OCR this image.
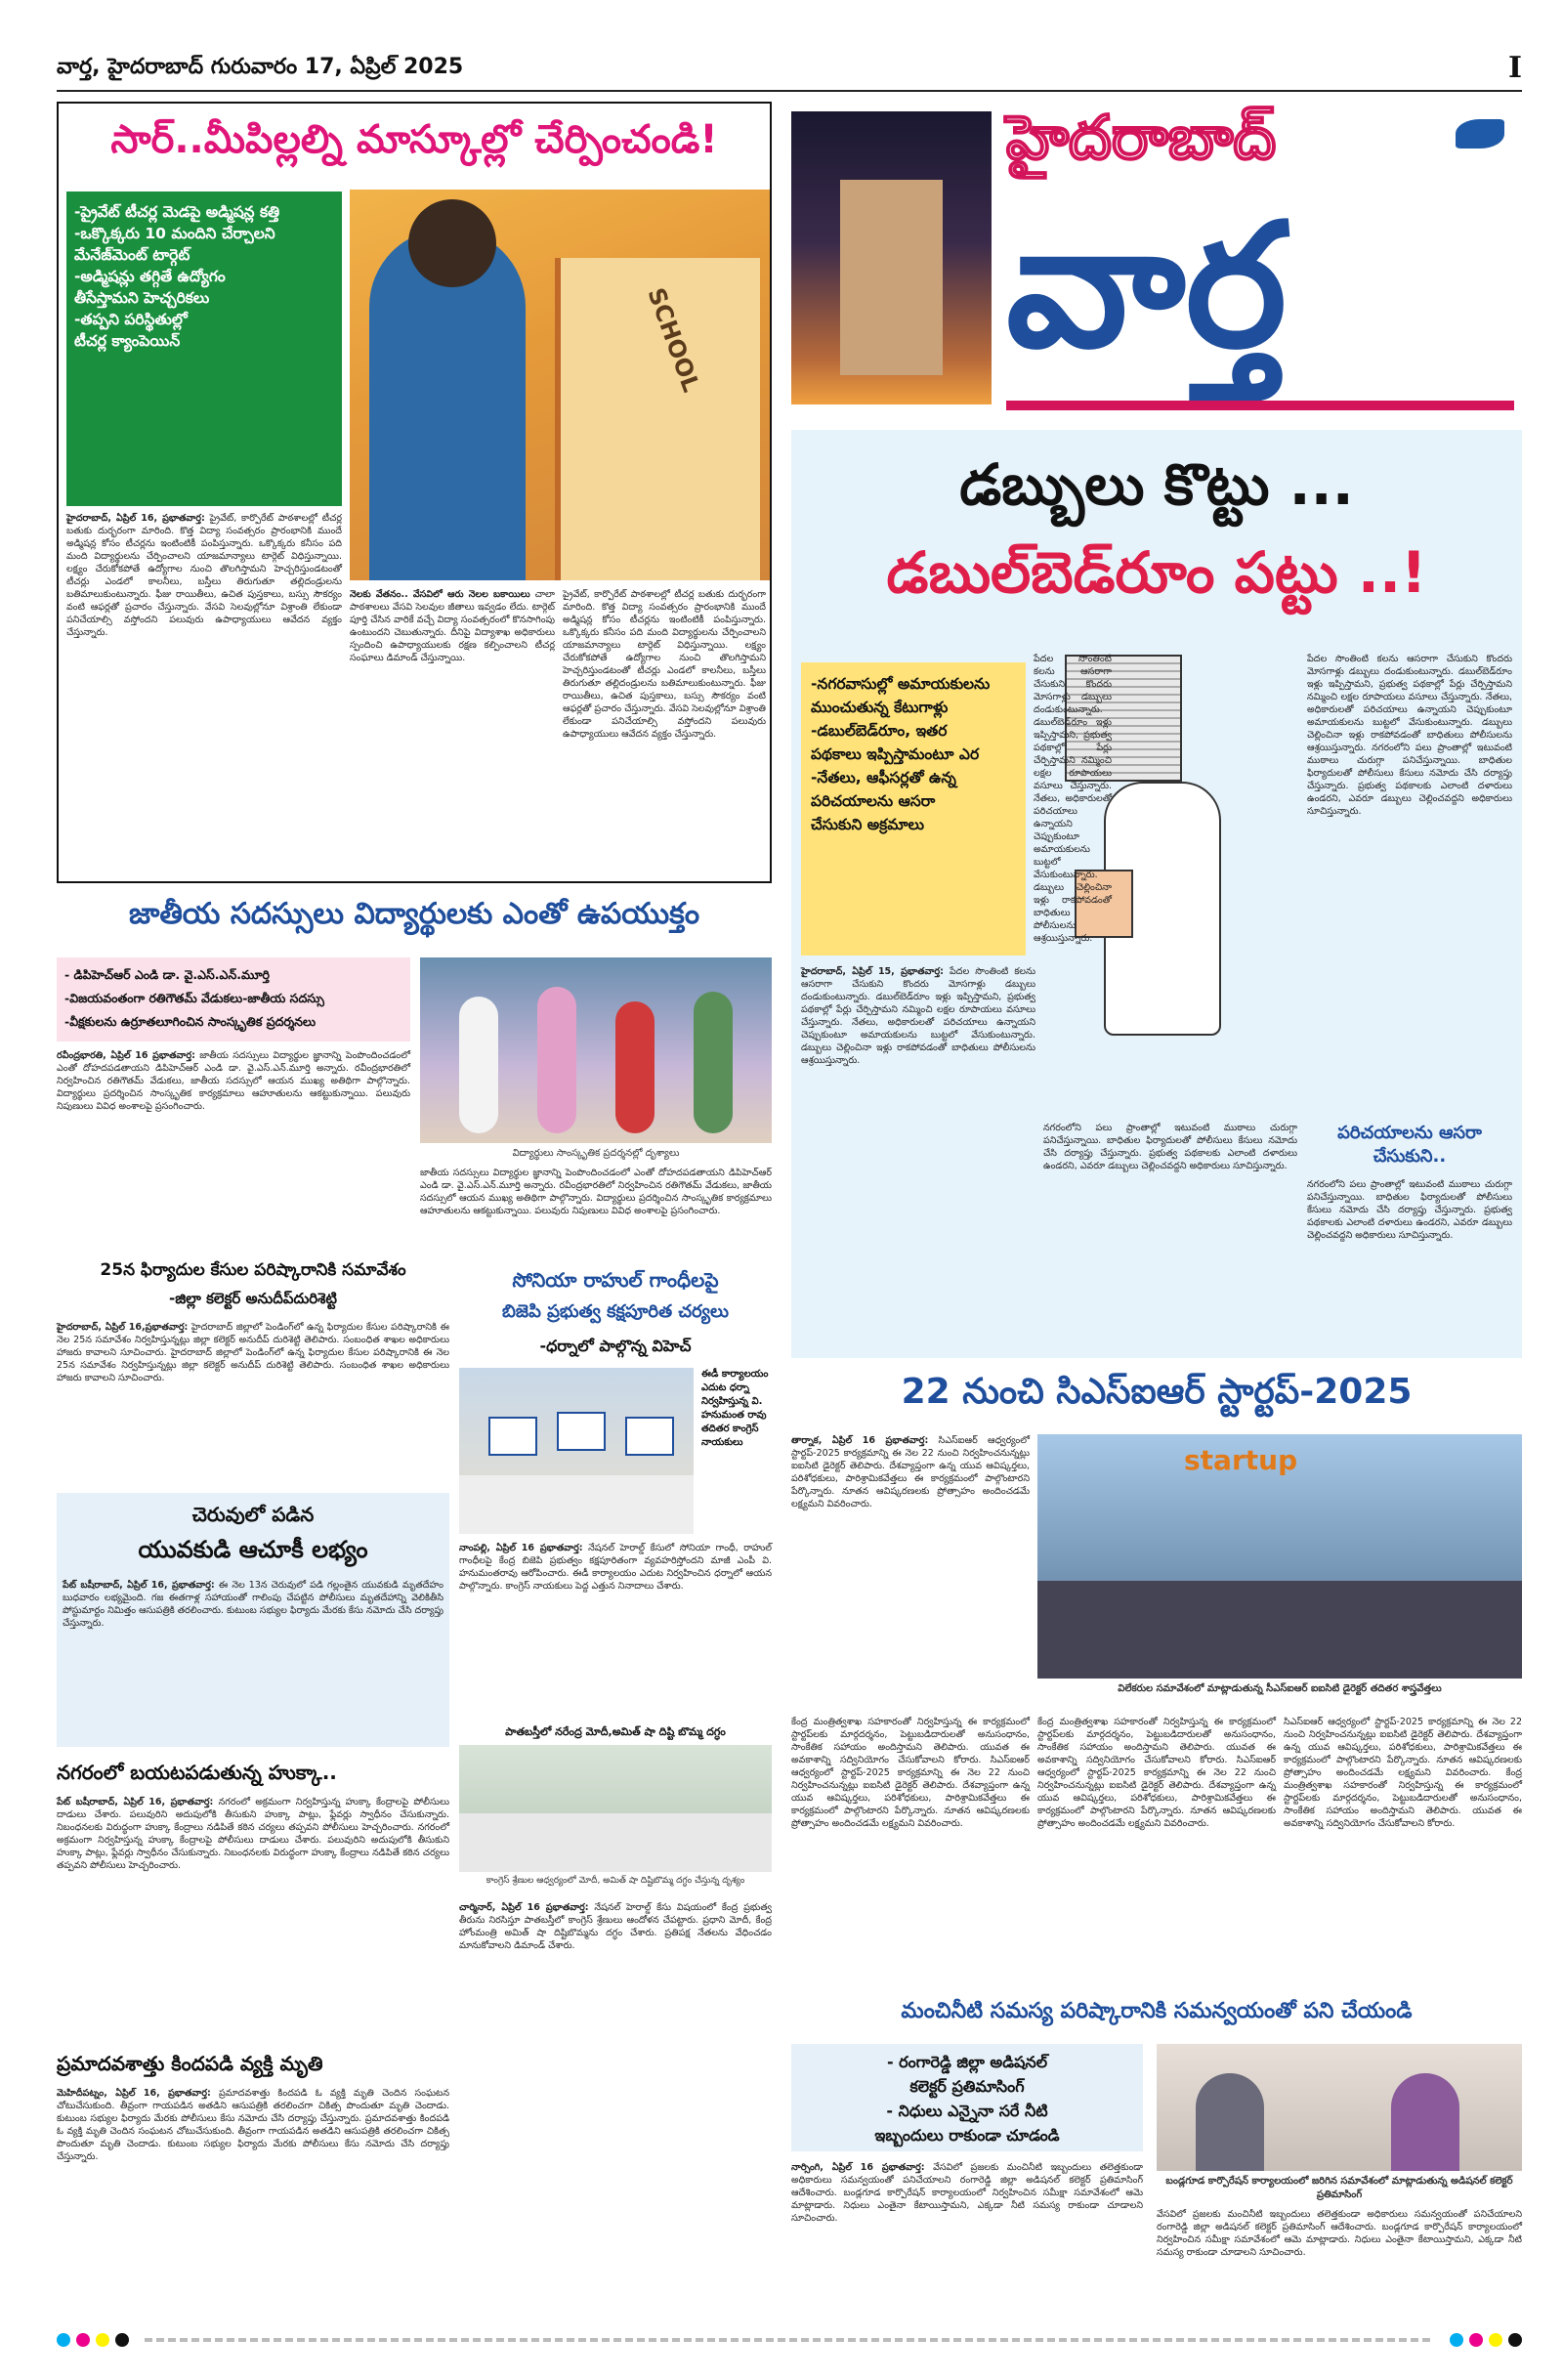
వార్త, హైదరాబాద్ గురువారం 17, ఏప్రిల్ 2025	I
సార్..మీపిల్లల్ని మాస్కూల్లో చేర్పించండి!
-ప్రైవేట్ టీచర్ల మెడపై అడ్మిషన్ల కత్తి
-ఒక్కొక్కరు 10 మందిని చేర్చాలని
మేనేజ్‌మెంట్ టార్గెట్
-అడ్మిషన్లు తగ్గితే ఉద్యోగం
తీసేస్తామని హెచ్చరికలు
-తప్పని పరిస్థితుల్లో
టీచర్ల క్యాంపెయిన్	SCHOOL
హైదరాబాద్, ఏప్రిల్ 16, ప్రభాతవార్త: ప్రైవేట్, కార్పొరేట్ పాఠశాలల్లో టీచర్ల బతుకు దుర్భరంగా మారింది. కొత్త విద్యా సంవత్సరం ప్రారంభానికి ముందే అడ్మిషన్ల కోసం టీచర్లను ఇంటింటికీ పంపిస్తున్నారు. ఒక్కొక్కరు కనీసం పది మంది విద్యార్థులను చేర్పించాలని యాజమాన్యాలు టార్గెట్ విధిస్తున్నాయి. లక్ష్యం చేరుకోకపోతే ఉద్యోగాల నుంచి తొలగిస్తామని హెచ్చరిస్తుండటంతో టీచర్లు ఎండలో కాలనీలు, బస్తీలు తిరుగుతూ తల్లిదండ్రులను బతిమాలుకుంటున్నారు. ఫీజు రాయితీలు, ఉచిత పుస్తకాలు, బస్సు సౌకర్యం వంటి ఆఫర్లతో ప్రచారం చేస్తున్నారు. వేసవి సెలవుల్లోనూ విశ్రాంతి లేకుండా పనిచేయాల్సి వస్తోందని పలువురు ఉపాధ్యాయులు ఆవేదన వ్యక్తం చేస్తున్నారు.
నెలకు వేతనం.. వేసవిలో ఆరు నెలల బకాయిలు చాలా పాఠశాలలు వేసవి సెలవుల జీతాలు ఇవ్వడం లేదు. టార్గెట్ పూర్తి చేసిన వారికే వచ్చే విద్యా సంవత్సరంలో కొనసాగింపు ఉంటుందని చెబుతున్నారు. దీనిపై విద్యాశాఖ అధికారులు స్పందించి ఉపాధ్యాయులకు రక్షణ కల్పించాలని టీచర్ల సంఘాలు డిమాండ్ చేస్తున్నాయి.
ప్రైవేట్, కార్పొరేట్ పాఠశాలల్లో టీచర్ల బతుకు దుర్భరంగా మారింది. కొత్త విద్యా సంవత్సరం ప్రారంభానికి ముందే అడ్మిషన్ల కోసం టీచర్లను ఇంటింటికీ పంపిస్తున్నారు. ఒక్కొక్కరు కనీసం పది మంది విద్యార్థులను చేర్పించాలని యాజమాన్యాలు టార్గెట్ విధిస్తున్నాయి. లక్ష్యం చేరుకోకపోతే ఉద్యోగాల నుంచి తొలగిస్తామని హెచ్చరిస్తుండటంతో టీచర్లు ఎండలో కాలనీలు, బస్తీలు తిరుగుతూ తల్లిదండ్రులను బతిమాలుకుంటున్నారు. ఫీజు రాయితీలు, ఉచిత పుస్తకాలు, బస్సు సౌకర్యం వంటి ఆఫర్లతో ప్రచారం చేస్తున్నారు. వేసవి సెలవుల్లోనూ విశ్రాంతి లేకుండా పనిచేయాల్సి వస్తోందని పలువురు ఉపాధ్యాయులు ఆవేదన వ్యక్తం చేస్తున్నారు.
హైదరాబాద్
వార్త
డబ్బులు కొట్టు ...
డబుల్‌బెడ్‌రూం పట్టు ..!
-నగరవాసుల్లో అమాయకులను
ముంచుతున్న కేటుగాళ్లు
-డబుల్‌బెడ్‌రూం, ఇతర
పథకాలు ఇప్పిస్తామంటూ ఎర
-నేతలు, ఆఫీసర్లతో ఉన్న
పరిచయాలను ఆసరా
చేసుకుని అక్రమాలు
పేదల సొంతింటి కలను ఆసరాగా చేసుకుని కొందరు మోసగాళ్లు డబ్బులు దండుకుంటున్నారు. డబుల్‌బెడ్‌రూం ఇళ్లు ఇప్పిస్తామని, ప్రభుత్వ పథకాల్లో పేర్లు చేర్పిస్తామని నమ్మించి లక్షల రూపాయలు వసూలు చేస్తున్నారు. నేతలు, అధికారులతో పరిచయాలు ఉన్నాయని చెప్పుకుంటూ అమాయకులను బుట్టలో వేసుకుంటున్నారు. డబ్బులు చెల్లించినా ఇళ్లు రాకపోవడంతో బాధితులు పోలీసులను ఆశ్రయిస్తున్నారు.
పేదల సొంతింటి కలను ఆసరాగా చేసుకుని కొందరు మోసగాళ్లు డబ్బులు దండుకుంటున్నారు. డబుల్‌బెడ్‌రూం ఇళ్లు ఇప్పిస్తామని, ప్రభుత్వ పథకాల్లో పేర్లు చేర్పిస్తామని నమ్మించి లక్షల రూపాయలు వసూలు చేస్తున్నారు. నేతలు, అధికారులతో పరిచయాలు ఉన్నాయని చెప్పుకుంటూ అమాయకులను బుట్టలో వేసుకుంటున్నారు. డబ్బులు చెల్లించినా ఇళ్లు రాకపోవడంతో బాధితులు పోలీసులను ఆశ్రయిస్తున్నారు. నగరంలోని పలు ప్రాంతాల్లో ఇటువంటి ముఠాలు చురుగ్గా పనిచేస్తున్నాయి. బాధితుల ఫిర్యాదులతో పోలీసులు కేసులు నమోదు చేసి దర్యాప్తు చేస్తున్నారు. ప్రభుత్వ పథకాలకు ఎలాంటి దళారులు ఉండరని, ఎవరూ డబ్బులు చెల్లించవద్దని అధికారులు సూచిస్తున్నారు.
హైదరాబాద్, ఏప్రిల్ 15, ప్రభాతవార్త: పేదల సొంతింటి కలను ఆసరాగా చేసుకుని కొందరు మోసగాళ్లు డబ్బులు దండుకుంటున్నారు. డబుల్‌బెడ్‌రూం ఇళ్లు ఇప్పిస్తామని, ప్రభుత్వ పథకాల్లో పేర్లు చేర్పిస్తామని నమ్మించి లక్షల రూపాయలు వసూలు చేస్తున్నారు. నేతలు, అధికారులతో పరిచయాలు ఉన్నాయని చెప్పుకుంటూ అమాయకులను బుట్టలో వేసుకుంటున్నారు. డబ్బులు చెల్లించినా ఇళ్లు రాకపోవడంతో బాధితులు పోలీసులను ఆశ్రయిస్తున్నారు.
నగరంలోని పలు ప్రాంతాల్లో ఇటువంటి ముఠాలు చురుగ్గా పనిచేస్తున్నాయి. బాధితుల ఫిర్యాదులతో పోలీసులు కేసులు నమోదు చేసి దర్యాప్తు చేస్తున్నారు. ప్రభుత్వ పథకాలకు ఎలాంటి దళారులు ఉండరని, ఎవరూ డబ్బులు చెల్లించవద్దని అధికారులు సూచిస్తున్నారు.
పరిచయాలను ఆసరా చేసుకుని..
నగరంలోని పలు ప్రాంతాల్లో ఇటువంటి ముఠాలు చురుగ్గా పనిచేస్తున్నాయి. బాధితుల ఫిర్యాదులతో పోలీసులు కేసులు నమోదు చేసి దర్యాప్తు చేస్తున్నారు. ప్రభుత్వ పథకాలకు ఎలాంటి దళారులు ఉండరని, ఎవరూ డబ్బులు చెల్లించవద్దని అధికారులు సూచిస్తున్నారు.
జాతీయ సదస్సులు విద్యార్థులకు ఎంతో ఉపయుక్తం
- డిపిహెచ్‌ఆర్ ఎండి డా. వై.ఎస్.ఎన్.మూర్తి
-విజయవంతంగా రతిగౌతమ్ వేడుకలు-జాతీయ సదస్సు
-వీక్షకులను ఉర్రూతలూగించిన సాంస్కృతిక ప్రదర్శనలు
విద్యార్థులు సాంస్కృతిక ప్రదర్శనల్లో దృశ్యాలు
రవీంద్రభారతి, ఏప్రిల్ 16 ప్రభాతవార్త: జాతీయ సదస్సులు విద్యార్థుల జ్ఞానాన్ని పెంపొందించడంలో ఎంతో దోహదపడతాయని డిపిహెచ్‌ఆర్ ఎండి డా. వై.ఎస్.ఎన్.మూర్తి అన్నారు. రవీంద్రభారతిలో నిర్వహించిన రతిగౌతమ్ వేడుకలు, జాతీయ సదస్సులో ఆయన ముఖ్య అతిథిగా పాల్గొన్నారు. విద్యార్థులు ప్రదర్శించిన సాంస్కృతిక కార్యక్రమాలు ఆహూతులను ఆకట్టుకున్నాయి. పలువురు నిపుణులు వివిధ అంశాలపై ప్రసంగించారు.
జాతీయ సదస్సులు విద్యార్థుల జ్ఞానాన్ని పెంపొందించడంలో ఎంతో దోహదపడతాయని డిపిహెచ్‌ఆర్ ఎండి డా. వై.ఎస్.ఎన్.మూర్తి అన్నారు. రవీంద్రభారతిలో నిర్వహించిన రతిగౌతమ్ వేడుకలు, జాతీయ సదస్సులో ఆయన ముఖ్య అతిథిగా పాల్గొన్నారు. విద్యార్థులు ప్రదర్శించిన సాంస్కృతిక కార్యక్రమాలు ఆహూతులను ఆకట్టుకున్నాయి. పలువురు నిపుణులు వివిధ అంశాలపై ప్రసంగించారు.
25న ఫిర్యాదుల కేసుల పరిష్కారానికి సమావేశం
-జిల్లా కలెక్టర్ అనుదీప్‌దురిశెట్టి
హైదరాబాద్, ఏప్రిల్ 16,ప్రభాతవార్త: హైదరాబాద్ జిల్లాలో పెండింగ్‌లో ఉన్న ఫిర్యాదుల కేసుల పరిష్కారానికి ఈ నెల 25న సమావేశం నిర్వహిస్తున్నట్లు జిల్లా కలెక్టర్ అనుదీప్ దురిశెట్టి తెలిపారు. సంబంధిత శాఖల అధికారులు హాజరు కావాలని సూచించారు. హైదరాబాద్ జిల్లాలో పెండింగ్‌లో ఉన్న ఫిర్యాదుల కేసుల పరిష్కారానికి ఈ నెల 25న సమావేశం నిర్వహిస్తున్నట్లు జిల్లా కలెక్టర్ అనుదీప్ దురిశెట్టి తెలిపారు. సంబంధిత శాఖల అధికారులు హాజరు కావాలని సూచించారు.
సోనియా రాహుల్ గాంధీలపై
బిజెపి ప్రభుత్వ కక్షపూరిత చర్యలు
-ధర్నాలో పాల్గొన్న విహెచ్
ఈడీ కార్యాలయం ఎదుట ధర్నా నిర్వహిస్తున్న వి. హనుమంత రావు తదితర కాంగ్రెస్ నాయకులు
నాంపల్లి, ఏప్రిల్ 16 ప్రభాతవార్త: నేషనల్ హెరాల్డ్ కేసులో సోనియా గాంధీ, రాహుల్ గాంధీలపై కేంద్ర బిజెపి ప్రభుత్వం కక్షపూరితంగా వ్యవహరిస్తోందని మాజీ ఎంపీ వి. హనుమంతరావు ఆరోపించారు. ఈడీ కార్యాలయం ఎదుట నిర్వహించిన ధర్నాలో ఆయన పాల్గొన్నారు. కాంగ్రెస్ నాయకులు పెద్ద ఎత్తున నినాదాలు చేశారు.
పాతబస్తీలో నరేంద్ర మోదీ,అమిత్ షా దిష్టి బొమ్మ దగ్ధం
కాంగ్రెస్ శ్రేణుల ఆధ్వర్యంలో మోదీ, అమిత్ షా దిష్టిబొమ్మ దగ్ధం చేస్తున్న దృశ్యం
చార్మినార్, ఏప్రిల్ 16 ప్రభాతవార్త: నేషనల్ హెరాల్డ్ కేసు విషయంలో కేంద్ర ప్రభుత్వ తీరును నిరసిస్తూ పాతబస్తీలో కాంగ్రెస్ శ్రేణులు ఆందోళన చేపట్టారు. ప్రధాని మోదీ, కేంద్ర హోంమంత్రి అమిత్ షా దిష్టిబొమ్మను దగ్ధం చేశారు. ప్రతిపక్ష నేతలను వేధించడం మానుకోవాలని డిమాండ్ చేశారు.
చెరువులో పడిన
యువకుడి ఆచూకీ లభ్యం
పేట్ బషీరాబాద్, ఏప్రిల్ 16, ప్రభాతవార్త: ఈ నెల 13న చెరువులో పడి గల్లంతైన యువకుడి మృతదేహం బుధవారం లభ్యమైంది. గజ ఈతగాళ్ల సహాయంతో గాలింపు చేపట్టిన పోలీసులు మృతదేహాన్ని వెలికితీసి పోస్టుమార్టం నిమిత్తం ఆసుపత్రికి తరలించారు. కుటుంబ సభ్యుల ఫిర్యాదు మేరకు కేసు నమోదు చేసి దర్యాప్తు చేస్తున్నారు.
నగరంలో బయటపడుతున్న హుక్కా..
పేట్ బషీరాబాద్, ఏప్రిల్ 16, ప్రభాతవార్త: నగరంలో అక్రమంగా నిర్వహిస్తున్న హుక్కా కేంద్రాలపై పోలీసులు దాడులు చేశారు. పలువురిని అదుపులోకి తీసుకుని హుక్కా పాట్లు, ఫ్లేవర్లు స్వాధీనం చేసుకున్నారు. నిబంధనలకు విరుద్ధంగా హుక్కా కేంద్రాలు నడిపితే కఠిన చర్యలు తప్పవని పోలీసులు హెచ్చరించారు. నగరంలో అక్రమంగా నిర్వహిస్తున్న హుక్కా కేంద్రాలపై పోలీసులు దాడులు చేశారు. పలువురిని అదుపులోకి తీసుకుని హుక్కా పాట్లు, ఫ్లేవర్లు స్వాధీనం చేసుకున్నారు. నిబంధనలకు విరుద్ధంగా హుక్కా కేంద్రాలు నడిపితే కఠిన చర్యలు తప్పవని పోలీసులు హెచ్చరించారు.
ప్రమాదవశాత్తు కిందపడి వ్యక్తి మృతి
మెహిదీపట్నం, ఏప్రిల్ 16, ప్రభాతవార్త: ప్రమాదవశాత్తు కిందపడి ఓ వ్యక్తి మృతి చెందిన సంఘటన చోటుచేసుకుంది. తీవ్రంగా గాయపడిన అతడిని ఆసుపత్రికి తరలించగా చికిత్స పొందుతూ మృతి చెందాడు. కుటుంబ సభ్యుల ఫిర్యాదు మేరకు పోలీసులు కేసు నమోదు చేసి దర్యాప్తు చేస్తున్నారు. ప్రమాదవశాత్తు కిందపడి ఓ వ్యక్తి మృతి చెందిన సంఘటన చోటుచేసుకుంది. తీవ్రంగా గాయపడిన అతడిని ఆసుపత్రికి తరలించగా చికిత్స పొందుతూ మృతి చెందాడు. కుటుంబ సభ్యుల ఫిర్యాదు మేరకు పోలీసులు కేసు నమోదు చేసి దర్యాప్తు చేస్తున్నారు.
22 నుంచి సిఎస్ఐఆర్ స్టార్టప్-2025
తార్నాక, ఏప్రిల్ 16 ప్రభాతవార్త: సిఎస్ఐఆర్ ఆధ్వర్యంలో స్టార్టప్-2025 కార్యక్రమాన్ని ఈ నెల 22 నుంచి నిర్వహించనున్నట్లు ఐఐసిటి డైరెక్టర్ తెలిపారు. దేశవ్యాప్తంగా ఉన్న యువ ఆవిష్కర్తలు, పరిశోధకులు, పారిశ్రామికవేత్తలు ఈ కార్యక్రమంలో పాల్గొంటారని పేర్కొన్నారు. నూతన ఆవిష్కరణలకు ప్రోత్సాహం అందించడమే లక్ష్యమని వివరించారు.
startup
విలేకరుల సమావేశంలో మాట్లాడుతున్న సీఎస్ఐఆర్ ఐఐసిటి డైరెక్టర్ తదితర శాస్త్రవేత్తలు
కేంద్ర మంత్రిత్వశాఖ సహకారంతో నిర్వహిస్తున్న ఈ కార్యక్రమంలో స్టార్టప్‌లకు మార్గదర్శనం, పెట్టుబడిదారులతో అనుసంధానం, సాంకేతిక సహాయం అందిస్తామని తెలిపారు. యువత ఈ అవకాశాన్ని సద్వినియోగం చేసుకోవాలని కోరారు. సిఎస్ఐఆర్ ఆధ్వర్యంలో స్టార్టప్-2025 కార్యక్రమాన్ని ఈ నెల 22 నుంచి నిర్వహించనున్నట్లు ఐఐసిటి డైరెక్టర్ తెలిపారు. దేశవ్యాప్తంగా ఉన్న యువ ఆవిష్కర్తలు, పరిశోధకులు, పారిశ్రామికవేత్తలు ఈ కార్యక్రమంలో పాల్గొంటారని పేర్కొన్నారు. నూతన ఆవిష్కరణలకు ప్రోత్సాహం అందించడమే లక్ష్యమని వివరించారు.
కేంద్ర మంత్రిత్వశాఖ సహకారంతో నిర్వహిస్తున్న ఈ కార్యక్రమంలో స్టార్టప్‌లకు మార్గదర్శనం, పెట్టుబడిదారులతో అనుసంధానం, సాంకేతిక సహాయం అందిస్తామని తెలిపారు. యువత ఈ అవకాశాన్ని సద్వినియోగం చేసుకోవాలని కోరారు. సిఎస్ఐఆర్ ఆధ్వర్యంలో స్టార్టప్-2025 కార్యక్రమాన్ని ఈ నెల 22 నుంచి నిర్వహించనున్నట్లు ఐఐసిటి డైరెక్టర్ తెలిపారు. దేశవ్యాప్తంగా ఉన్న యువ ఆవిష్కర్తలు, పరిశోధకులు, పారిశ్రామికవేత్తలు ఈ కార్యక్రమంలో పాల్గొంటారని పేర్కొన్నారు. నూతన ఆవిష్కరణలకు ప్రోత్సాహం అందించడమే లక్ష్యమని వివరించారు.
సిఎస్ఐఆర్ ఆధ్వర్యంలో స్టార్టప్-2025 కార్యక్రమాన్ని ఈ నెల 22 నుంచి నిర్వహించనున్నట్లు ఐఐసిటి డైరెక్టర్ తెలిపారు. దేశవ్యాప్తంగా ఉన్న యువ ఆవిష్కర్తలు, పరిశోధకులు, పారిశ్రామికవేత్తలు ఈ కార్యక్రమంలో పాల్గొంటారని పేర్కొన్నారు. నూతన ఆవిష్కరణలకు ప్రోత్సాహం అందించడమే లక్ష్యమని వివరించారు. కేంద్ర మంత్రిత్వశాఖ సహకారంతో నిర్వహిస్తున్న ఈ కార్యక్రమంలో స్టార్టప్‌లకు మార్గదర్శనం, పెట్టుబడిదారులతో అనుసంధానం, సాంకేతిక సహాయం అందిస్తామని తెలిపారు. యువత ఈ అవకాశాన్ని సద్వినియోగం చేసుకోవాలని కోరారు.
మంచినీటి సమస్య పరిష్కారానికి సమన్వయంతో పని చేయండి
- రంగారెడ్డి జిల్లా అడిషనల్
కలెక్టర్ ప్రతిమాసింగ్
- నిధులు ఎన్నైనా సరే నీటి
ఇబ్బందులు రాకుండా చూడండి
బండ్లగూడ కార్పొరేషన్ కార్యాలయంలో జరిగిన సమావేశంలో మాట్లాడుతున్న అడిషనల్ కలెక్టర్ ప్రతిమాసింగ్
నార్సింగి, ఏప్రిల్ 16 ప్రభాతవార్త: వేసవిలో ప్రజలకు మంచినీటి ఇబ్బందులు తలెత్తకుండా అధికారులు సమన్వయంతో పనిచేయాలని రంగారెడ్డి జిల్లా అడిషనల్ కలెక్టర్ ప్రతిమాసింగ్ ఆదేశించారు. బండ్లగూడ కార్పొరేషన్ కార్యాలయంలో నిర్వహించిన సమీక్షా సమావేశంలో ఆమె మాట్లాడారు. నిధులు ఎంతైనా కేటాయిస్తామని, ఎక్కడా నీటి సమస్య రాకుండా చూడాలని సూచించారు.	వేసవిలో ప్రజలకు మంచినీటి ఇబ్బందులు తలెత్తకుండా అధికారులు సమన్వయంతో పనిచేయాలని రంగారెడ్డి జిల్లా అడిషనల్ కలెక్టర్ ప్రతిమాసింగ్ ఆదేశించారు. బండ్లగూడ కార్పొరేషన్ కార్యాలయంలో నిర్వహించిన సమీక్షా సమావేశంలో ఆమె మాట్లాడారు. నిధులు ఎంతైనా కేటాయిస్తామని, ఎక్కడా నీటి సమస్య రాకుండా చూడాలని సూచించారు.
